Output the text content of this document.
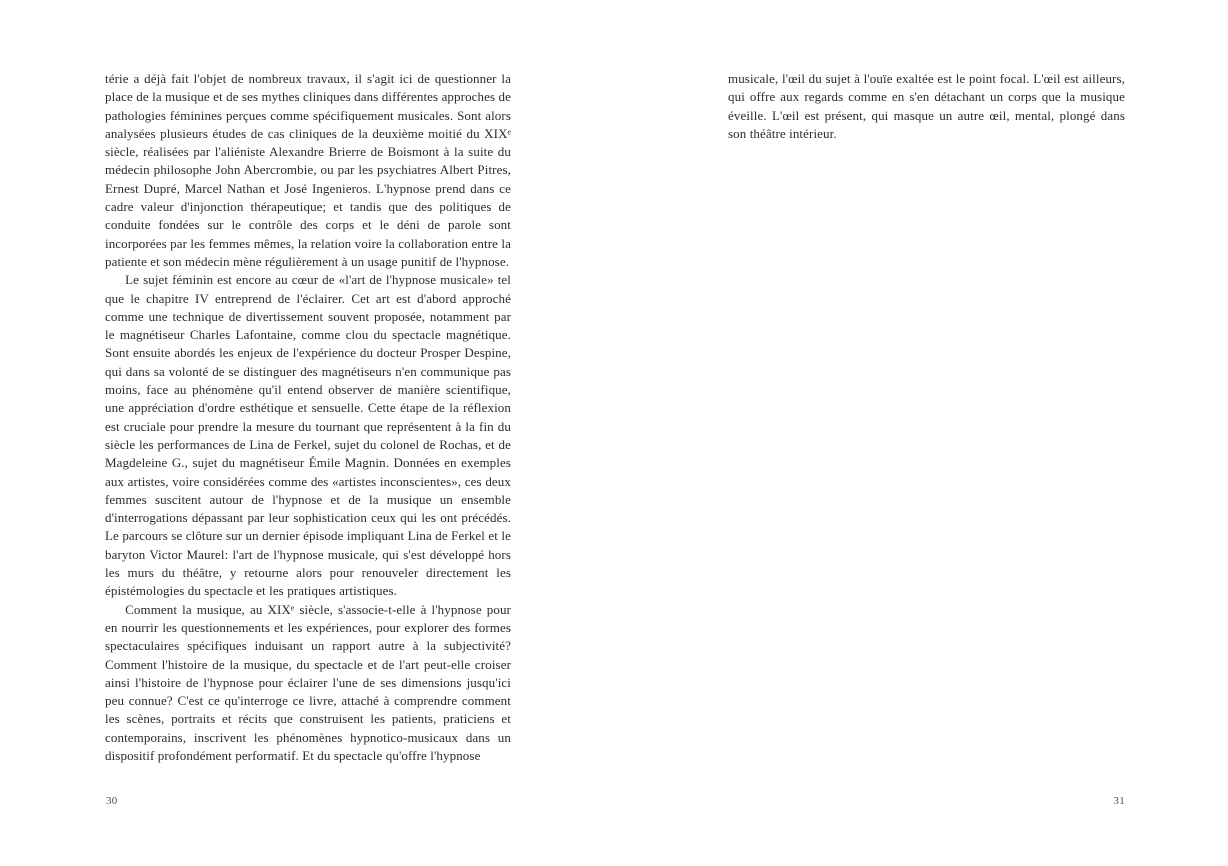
térie a déjà fait l'objet de nombreux travaux, il s'agit ici de questionner la place de la musique et de ses mythes cliniques dans différentes approches de pathologies féminines perçues comme spécifiquement musicales. Sont alors analysées plusieurs études de cas cliniques de la deuxième moitié du XIXᵉ siècle, réalisées par l'aliéniste Alexandre Brierre de Boismont à la suite du médecin philosophe John Abercrombie, ou par les psychiatres Albert Pitres, Ernest Dupré, Marcel Nathan et José Ingenieros. L'hypnose prend dans ce cadre valeur d'injonction thérapeutique; et tandis que des politiques de conduite fondées sur le contrôle des corps et le déni de parole sont incorporées par les femmes mêmes, la relation voire la collaboration entre la patiente et son médecin mène régulièrement à un usage punitif de l'hypnose.

Le sujet féminin est encore au cœur de «l'art de l'hypnose musicale» tel que le chapitre IV entreprend de l'éclairer. Cet art est d'abord approché comme une technique de divertissement souvent proposée, notamment par le magnétiseur Charles Lafontaine, comme clou du spectacle magnétique. Sont ensuite abordés les enjeux de l'expérience du docteur Prosper Despine, qui dans sa volonté de se distinguer des magnétiseurs n'en communique pas moins, face au phénomène qu'il entend observer de manière scientifique, une appréciation d'ordre esthétique et sensuelle. Cette étape de la réflexion est cruciale pour prendre la mesure du tournant que représentent à la fin du siècle les performances de Lina de Ferkel, sujet du colonel de Rochas, et de Magdeleine G., sujet du magnétiseur Émile Magnin. Données en exemples aux artistes, voire considérées comme des «artistes inconscientes», ces deux femmes suscitent autour de l'hypnose et de la musique un ensemble d'interrogations dépassant par leur sophistication ceux qui les ont précédés. Le parcours se clôture sur un dernier épisode impliquant Lina de Ferkel et le baryton Victor Maurel: l'art de l'hypnose musicale, qui s'est développé hors les murs du théâtre, y retourne alors pour renouveler directement les épistémologies du spectacle et les pratiques artistiques.

Comment la musique, au XIXᵉ siècle, s'associe-t-elle à l'hypnose pour en nourrir les questionnements et les expériences, pour explorer des formes spectaculaires spécifiques induisant un rapport autre à la subjectivité? Comment l'histoire de la musique, du spectacle et de l'art peut-elle croiser ainsi l'histoire de l'hypnose pour éclairer l'une de ses dimensions jusqu'ici peu connue? C'est ce qu'interroge ce livre, attaché à comprendre comment les scènes, portraits et récits que construisent les patients, praticiens et contemporains, inscrivent les phénomènes hypnotico-musicaux dans un dispositif profondément performatif. Et du spectacle qu'offre l'hypnose

30

musicale, l'œil du sujet à l'ouïe exaltée est le point focal. L'œil est ailleurs, qui offre aux regards comme en s'en détachant un corps que la musique éveille. L'œil est présent, qui masque un autre œil, mental, plongé dans son théâtre intérieur.

31
